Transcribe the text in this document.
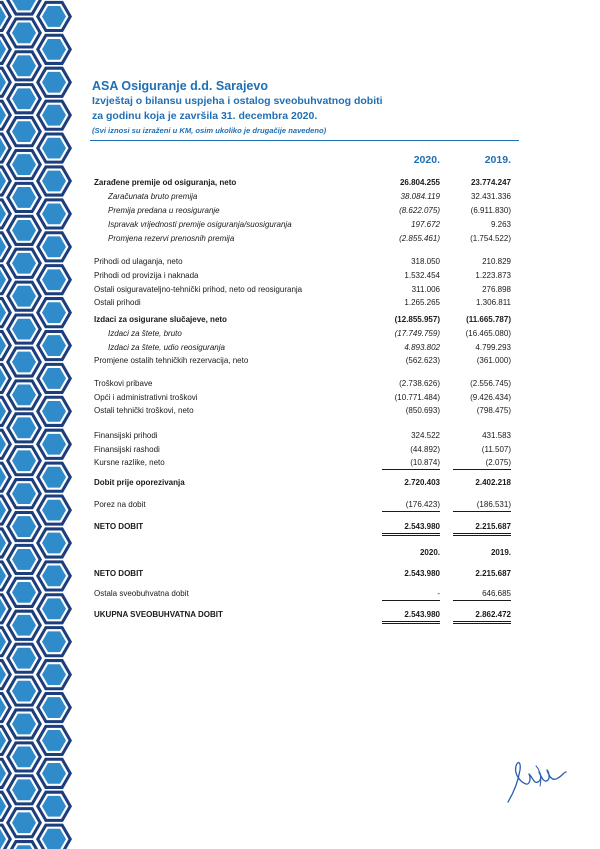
ASA Osiguranje d.d. Sarajevo
Izvještaj o bilansu uspjeha i ostalog sveobuhvatnog dobiti
za godinu koja je završila 31. decembra 2020.
(Svi iznosi su izraženi u KM, osim ukoliko je drugačije navedeno)
2020.	2019.
Zarađene premije od osiguranja, neto	26.804.255	23.774.247
Zaračunata bruto premija	38.084.119	32.431.336
Premija predana u reosiguranje	(8.622.075)	(6.911.830)
Ispravak vrijednosti premije osiguranja/suosiguranja	197.672	9.263
Promjena rezervi prenosnih premija	(2.855.461)	(1.754.522)
Prihodi od ulaganja, neto	318.050	210.829
Prihodi od provizija i naknada	1.532.454	1.223.873
Ostali osiguravateljno-tehnički prihod, neto od reosiguranja	311.006	276.898
Ostali prihodi	1.265.265	1.306.811
Izdaci za osigurane slučajeve, neto	(12.855.957)	(11.665.787)
Izdaci za štete, bruto	(17.749.759)	(16.465.080)
Izdaci za štete, udio reosiguranja	4.893.802	4.799.293
Promjene ostalih tehničkih rezervacija, neto	(562.623)	(361.000)
Troškovi pribave	(2.738.626)	(2.556.745)
Opći i administrativni troškovi	(10.771.484)	(9.426.434)
Ostali tehnički troškovi, neto	(850.693)	(798.475)
Finansijski prihodi	324.522	431.583
Finansijski rashodi	(44.892)	(11.507)
Kursne razlike, neto	(10.874)	(2.075)
Dobit prije oporezivanja	2.720.403	2.402.218
Porez na dobit	(176.423)	(186.531)
NETO DOBIT	2.543.980	2.215.687
2020.	2019.
NETO DOBIT	2.543.980	2.215.687
Ostala sveobuhvatna dobit	-	646.685
UKUPNA SVEOBUHVATNA DOBIT	2.543.980	2.862.472
